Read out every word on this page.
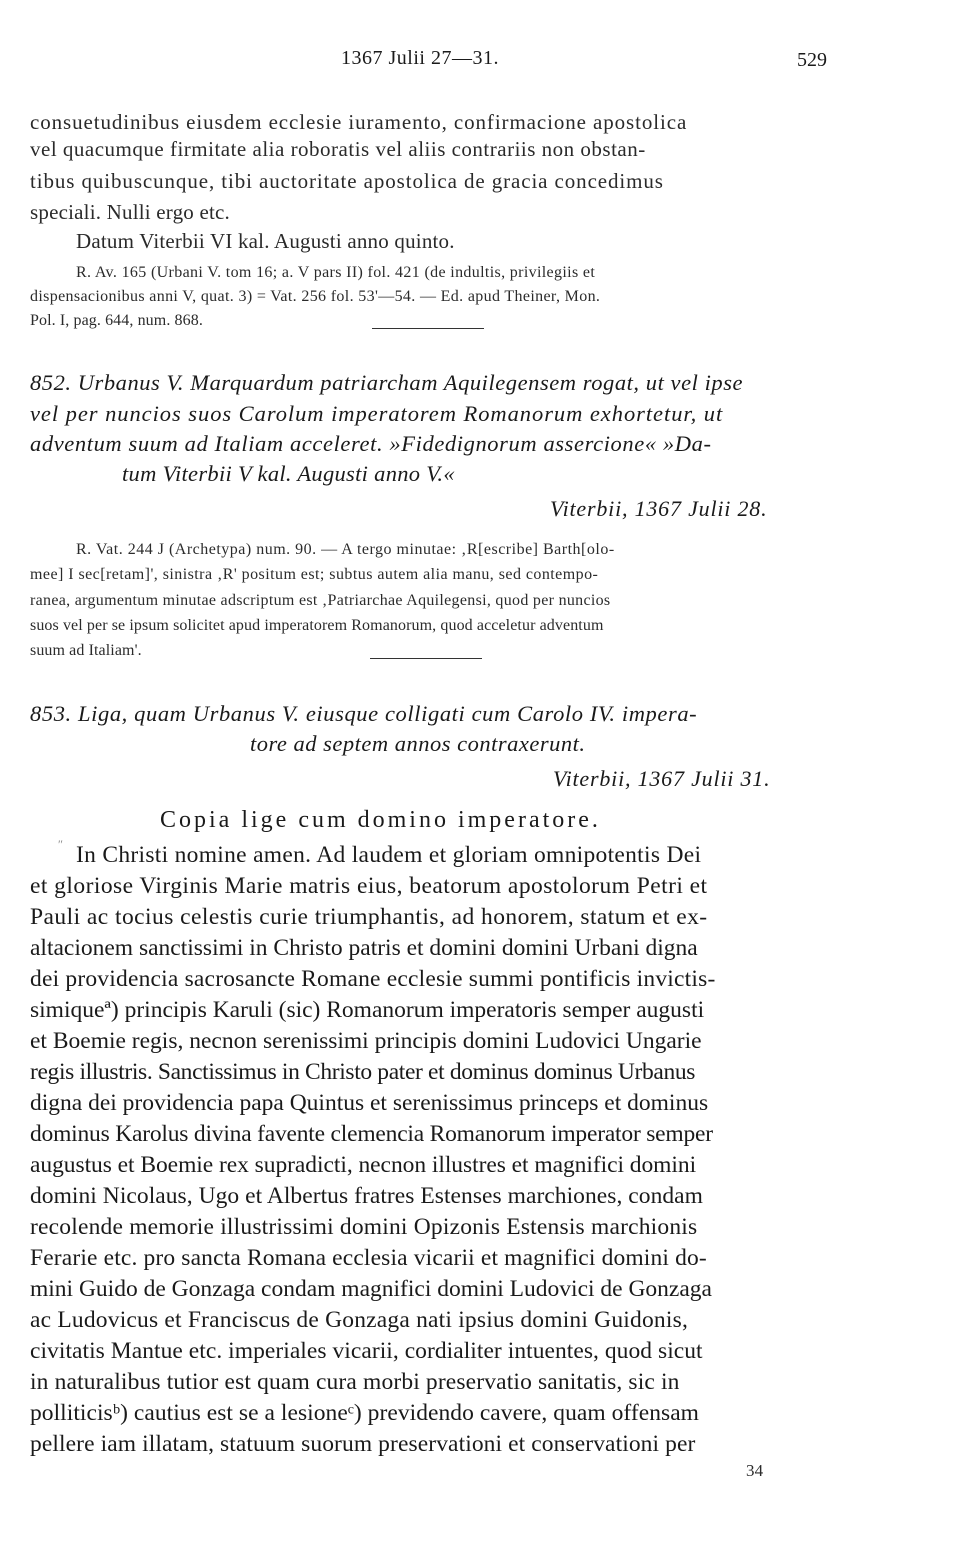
1367 Julii 27—31.	529
consuetudinibus eiusdem ecclesie iuramento, confirmacione apostolica
vel quacumque firmitate alia roboratis vel aliis contrariis non obstan-
tibus quibuscunque, tibi auctoritate apostolica de gracia concedimus
speciali. Nulli ergo etc.
Datum Viterbii VI kal. Augusti anno quinto.
R. Av. 165 (Urbani V. tom 16; a. V pars II) fol. 421 (de indultis, privilegiis et
dispensacionibus anni V, quat. 3) = Vat. 256 fol. 53'—54. — Ed. apud Theiner, Mon.
Pol. I, pag. 644, num. 868.
852. Urbanus V. Marquardum patriarcham Aquilegensem rogat, ut vel ipse
vel per nuncios suos Carolum imperatorem Romanorum exhortetur, ut
adventum suum ad Italiam acceleret. »Fidedignorum assercione« »Da-
tum Viterbii V kal. Augusti anno V.«
Viterbii, 1367 Julii 28.
R. Vat. 244 J (Archetypa) num. 90. — A tergo minutae: ‚R[escribe] Barth[olo-
mee] I sec[retam]', sinistra ‚R' positum est; subtus autem alia manu, sed contempo-
ranea, argumentum minutae adscriptum est ‚Patriarchae Aquilegensi, quod per nuncios
suos vel per se ipsum solicitet apud imperatorem Romanorum, quod acceletur adventum
suum ad Italiam'.
853. Liga, quam Urbanus V. eiusque colligati cum Carolo IV. impera-
tore ad septem annos contraxerunt.
Viterbii, 1367 Julii 31.
Copia lige cum domino imperatore.
″ In Christi nomine amen. Ad laudem et gloriam omnipotentis Dei
et gloriose Virginis Marie matris eius, beatorum apostolorum Petri et
Pauli ac tocius celestis curie triumphantis, ad honorem, statum et ex-
altacionem sanctissimi in Christo patris et domini domini Urbani digna
dei providencia sacrosancte Romane ecclesie summi pontificis invictis-
simiqueª) principis Karuli (sic) Romanorum imperatoris semper augusti
et Boemie regis, necnon serenissimi principis domini Ludovici Ungarie
regis illustris. Sanctissimus in Christo pater et dominus dominus Urbanus
digna dei providencia papa Quintus et serenissimus princeps et dominus
dominus Karolus divina favente clemencia Romanorum imperator semper
augustus et Boemie rex supradicti, necnon illustres et magnifici domini
domini Nicolaus, Ugo et Albertus fratres Estenses marchiones, condam
recolende memorie illustrissimi domini Opizonis Estensis marchionis
Ferarie etc. pro sancta Romana ecclesia vicarii et magnifici domini do-
mini Guido de Gonzaga condam magnifici domini Ludovici de Gonzaga
ac Ludovicus et Franciscus de Gonzaga nati ipsius domini Guidonis,
civitatis Mantue etc. imperiales vicarii, cordialiter intuentes, quod sicut
in naturalibus tutior est quam cura morbi preservatio sanitatis, sic in
polliticisᵇ) cautius est se a lesioneᶜ) previdendo cavere, quam offensam
pellere iam illatam, statuum suorum preservationi et conservationi per
34
